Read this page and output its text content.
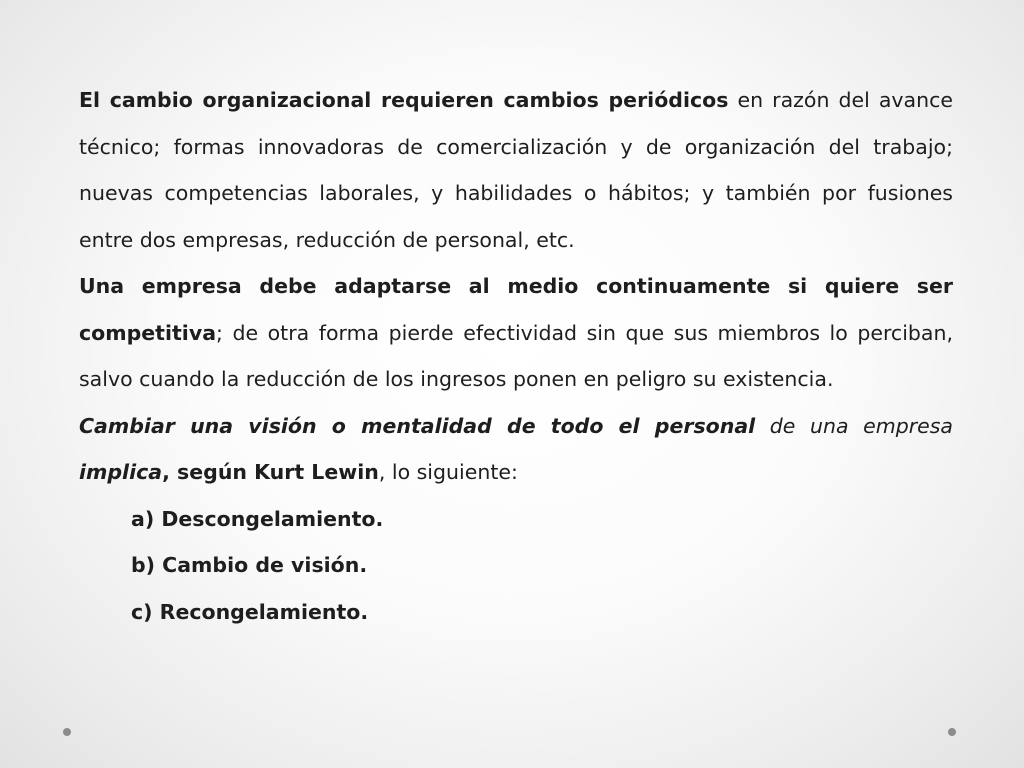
El cambio organizacional requieren cambios periódicos en razón del avance técnico; formas innovadoras de comercialización y de organización del trabajo; nuevas competencias laborales, y habilidades o hábitos; y también por fusiones entre dos empresas, reducción de personal, etc.

Una empresa debe adaptarse al medio continuamente si quiere ser competitiva; de otra forma pierde efectividad sin que sus miembros lo perciban, salvo cuando la reducción de los ingresos ponen en peligro su existencia.

Cambiar una visión o mentalidad de todo el personal de una empresa implica, según Kurt Lewin, lo siguiente:

a) Descongelamiento.
b) Cambio de visión.
c) Recongelamiento.
